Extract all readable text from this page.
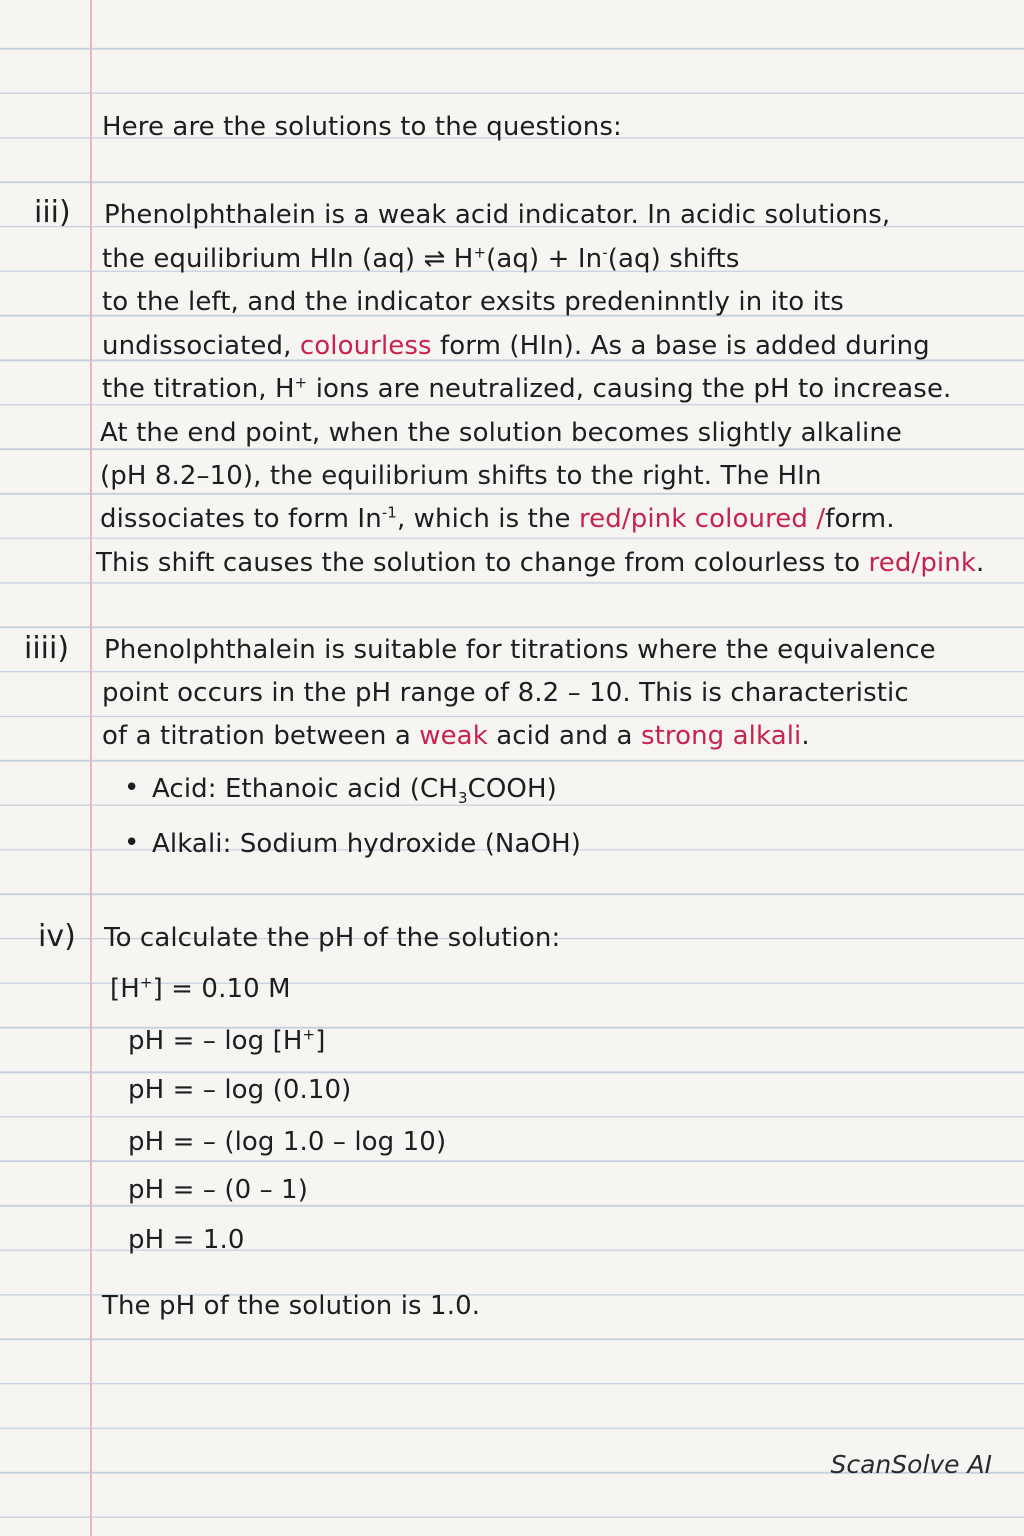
Here are the solutions to the questions:
iii) Phenolphthalein is a weak acid indicator. In acidic solutions,
the equilibrium HIn (aq) ⇌ H+(aq) + In-(aq) shifts
to the left, and the indicator exsits predeninntly in ito its
undissociated, colourless form (HIn). As a base is added during
the titration, H+ ions are neutralized, causing the pH to increase.
At the end point, when the solution becomes slightly alkaline
(pH 8.2–10), the equilibrium shifts to the right. The HIn
dissociates to form $In^{-1}$, which is the red/pink coloured /form.
This shift causes the solution to change from colourless to red/pink.
iiii) Phenolphthalein is suitable for titrations where the equivalence
point occurs in the pH range of 8.2 – 10. This is characteristic
of a titration between a weak acid and a strong alkali.
• Acid: Ethanoic acid $(CH_3COOH)$
• Alkali: Sodium hydroxide (NaOH)
iv) To calculate the pH of the solution:
[H+] = 0.10 M
pH = – log [H+]
pH = – log (0.10)
pH = – (log 1.0 – log 10)
pH = – (0 – 1)
pH = 1.0
The pH of the solution is 1.0.
ScanSolve AI
